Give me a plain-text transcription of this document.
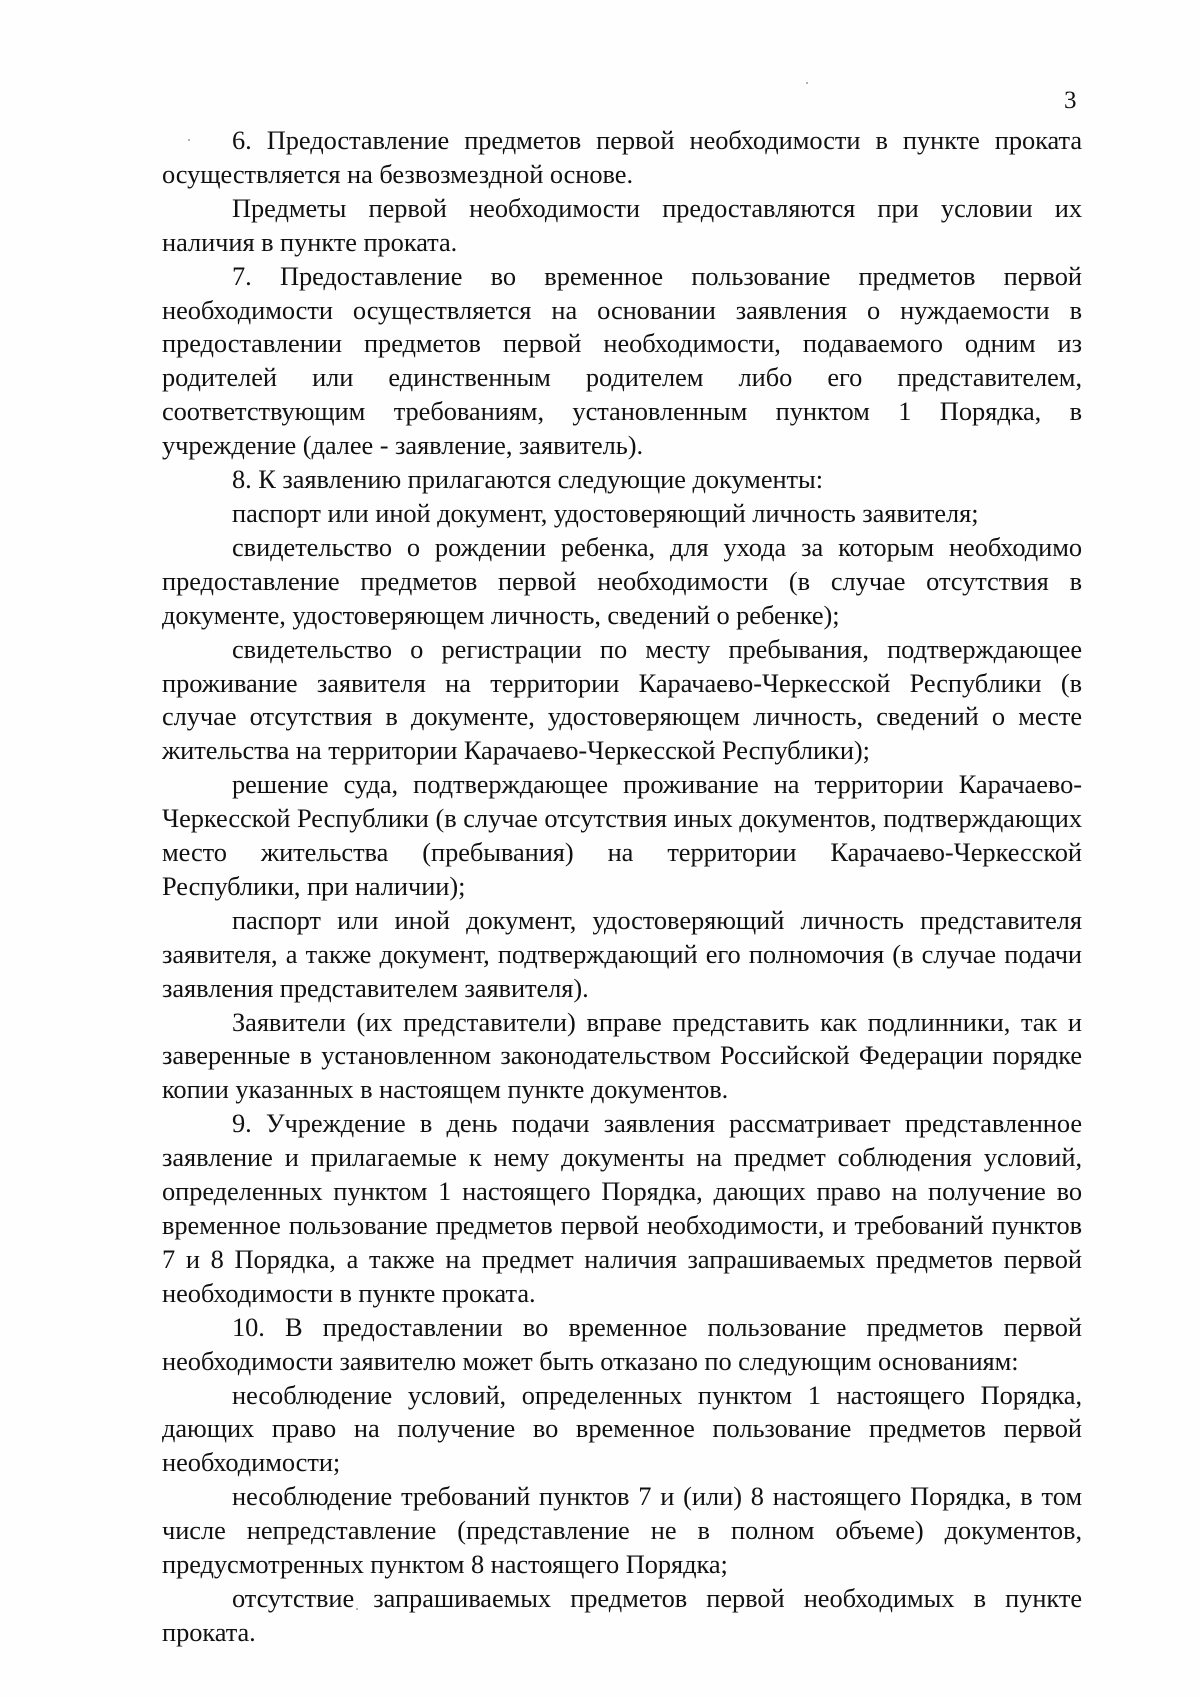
3

6. Предоставление предметов первой необходимости в пункте проката осуществляется на безвозмездной основе.

Предметы первой необходимости предоставляются при условии их наличия в пункте проката.

7. Предоставление во временное пользование предметов первой необходимости осуществляется на основании заявления о нуждаемости в предоставлении предметов первой необходимости, подаваемого одним из родителей или единственным родителем либо его представителем, соответствующим требованиям, установленным пунктом 1 Порядка, в учреждение (далее - заявление, заявитель).

8. К заявлению прилагаются следующие документы:

паспорт или иной документ, удостоверяющий личность заявителя;

свидетельство о рождении ребенка, для ухода за которым необходимо предоставление предметов первой необходимости (в случае отсутствия в документе, удостоверяющем личность, сведений о ребенке);

свидетельство о регистрации по месту пребывания, подтверждающее проживание заявителя на территории Карачаево-Черкесской Республики (в случае отсутствия в документе, удостоверяющем личность, сведений о месте жительства на территории Карачаево-Черкесской Республики);

решение суда, подтверждающее проживание на территории Карачаево-Черкесской Республики (в случае отсутствия иных документов, подтверждающих место жительства (пребывания) на территории Карачаево-Черкесской Республики, при наличии);

паспорт или иной документ, удостоверяющий личность представителя заявителя, а также документ, подтверждающий его полномочия (в случае подачи заявления представителем заявителя).

Заявители (их представители) вправе представить как подлинники, так и заверенные в установленном законодательством Российской Федерации порядке копии указанных в настоящем пункте документов.

9. Учреждение в день подачи заявления рассматривает представленное заявление и прилагаемые к нему документы на предмет соблюдения условий, определенных пунктом 1 настоящего Порядка, дающих право на получение во временное пользование предметов первой необходимости, и требований пунктов 7 и 8 Порядка, а также на предмет наличия запрашиваемых предметов первой необходимости в пункте проката.

10. В предоставлении во временное пользование предметов первой необходимости заявителю может быть отказано по следующим основаниям:

несоблюдение условий, определенных пунктом 1 настоящего Порядка, дающих право на получение во временное пользование предметов первой необходимости;

несоблюдение требований пунктов 7 и (или) 8 настоящего Порядка, в том числе непредставление (представление не в полном объеме) документов, предусмотренных пунктом 8 настоящего Порядка;

отсутствие запрашиваемых предметов первой необходимых в пункте проката.
